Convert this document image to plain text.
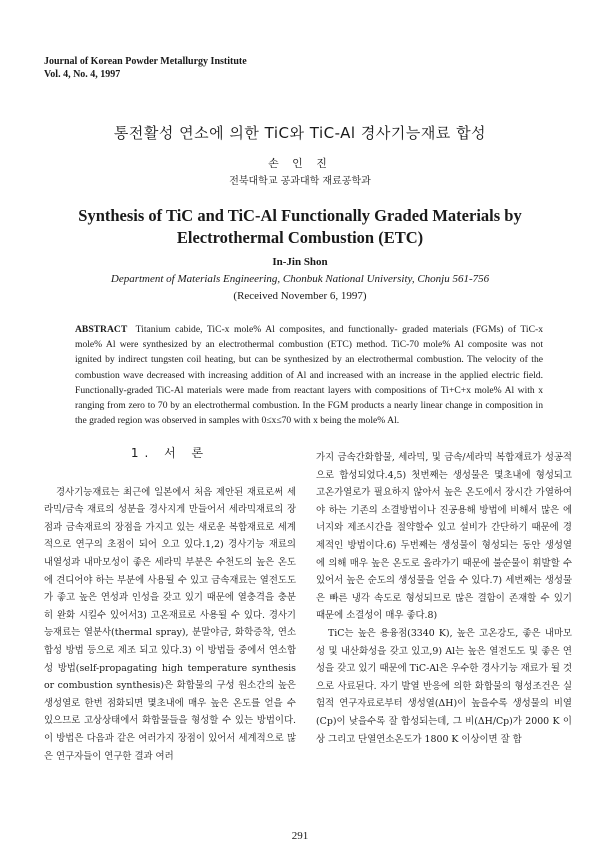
Journal of Korean Powder Metallurgy Institute
Vol. 4, No. 4, 1997
통전활성 연소에 의한 TiC와 TiC-Al 경사기능재료 합성
손 인 진
전북대학교 공과대학 재료공학과
Synthesis of TiC and TiC-Al Functionally Graded Materials by
Electrothermal Combustion (ETC)
In-Jin Shon
Department of Materials Engineering, Chonbuk National University, Chonju 561-756
(Received November 6, 1997)
ABSTRACT Titanium cabide, TiC-x mole% Al composites, and functionally- graded materials (FGMs) of TiC-x mole% Al were synthesized by an electrothermal combustion (ETC) method. TiC-70 mole% Al composite was not ignited by indirect tungsten coil heating, but can be synthesized by an electrothermal combustion. The velocity of the combustion wave decreased with increasing addition of Al and increased with an increase in the applied electric field. Functionally-graded TiC-Al materials were made from reactant layers with compositions of Ti+C+x mole% Al with x ranging from zero to 70 by an electrothermal combustion. In the FGM products a nearly linear change in composition in the graded region was observed in samples with 0≤x≤70 with x being the mole% Al.
1. 서 론

경사기능재료는 최근에 일본에서 처음 제안된 재료로써 세라믹/금속 재료의 성분을 경사지게 만들어서 세라믹재료의 장점과 금속재료의 장점을 가지고 있는 새로운 복합재료로 세계적으로 연구의 초점이 되어 오고 있다.1,2) 경사기능 재료의 내열성과 내마모성이 좋은 세라믹 부분은 수천도의 높은 온도에 견디어야 하는 부분에 사용될 수 있고 금속재료는 열전도도가 좋고 높은 연성과 인성을 갖고 있기 때문에 열충격을 충분히 완화 시킬수 있어서3) 고온재료로 사용될 수 있다. 경사기능재료는 열분사(thermal spray), 분말야금, 화학증착, 연소합성 방법 등으로 제조 되고 있다.3) 이 방법들 중에서 연소합성 방법(self-propagating high temperature synthesis or combustion synthesis)은 화합물의 구성 원소간의 높은 생성열로 한번 점화되면 몇초내에 매우 높은 온도를 얻을 수 있으므로 고상상태에서 화합물들을 형성할 수 있는 방법이다. 이 방법은 다음과 같은 여러가지 장점이 있어서 세계적으로 많은 연구자들이 연구한 결과 여러

가지 금속간화합물, 세라믹, 및 금속/세라믹 복합재료가 성공적으로 합성되었다.4,5) 첫번째는 생성물은 몇초내에 형성되고 고온가열로가 필요하지 않아서 높은 온도에서 장시간 가열하여야 하는 기존의 소결방법이나 진공용해 방법에 비해서 많은 에너지와 제조시간을 절약할수 있고 설비가 간단하기 때문에 경제적인 방법이다.6) 두번째는 생성물이 형성되는 동안 생성열에 의해 매우 높은 온도로 올라가기 때문에 불순물이 휘발할 수 있어서 높은 순도의 생성물을 얻을 수 있다.7) 세번째는 생성물은 빠른 냉각 속도로 형성되므로 많은 결함이 존재할 수 있기 때문에 소결성이 매우 좋다.8)

TiC는 높은 용융점(3340 K), 높은 고온강도, 좋은 내마모성 및 내산화성을 갖고 있고,9) Al는 높은 열전도도 및 좋은 연성을 갖고 있기 때문에 TiC-Al은 우수한 경사기능 재료가 될 것으로 사료된다. 자기 발열 반응에 의한 화합물의 형성조건은 실험적 연구자료로부터 생성열(ΔH)이 높을수록 생성물의 비열(Cp)이 낮을수록 잘 합성되는데, 그 비(ΔH/Cp)가 2000 K 이상 그리고 단열연소온도가 1800 K 이상이면 잘 합

291
